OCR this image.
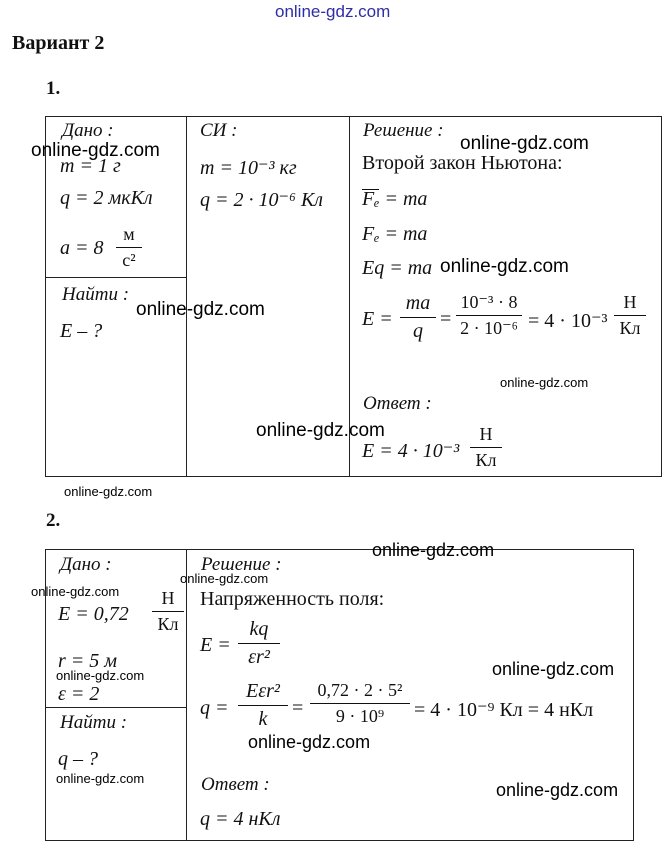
online-gdz.com
Вариант 2
1.
Дано :
m = 1 г
q = 2 мкКл
a = 8
м
с²
СИ :
m = 10⁻³ кг
q = 2 · 10⁻⁶ Кл
Найти :
E – ?
Решение :
Второй закон Ньютона:
Fₑ = ma
Fₑ = ma
Eq = ma
E =
ma
q
=
10⁻³ · 8
2 · 10⁻⁶ = 4 · 10⁻³
Н
Кл
Ответ :
E = 4 · 10⁻³
Н
Кл
2.
Дано :
E = 0,72
Н
Кл
r = 5 м
ε = 2
Найти :
q – ?
Решение :
Напряженность поля:
E =
kq
εr²
q =
Eεr²
k	=
0,72 · 2 · 5²
9 · 10⁹	= 4 · 10⁻⁹ Кл = 4 нКл
Ответ :
q = 4 нКл
online-gdz.com
online-gdz.com
online-gdz.com
online-gdz.com
online-gdz.com
online-gdz.com
online-gdz.com
online-gdz.com
online-gdz.com
online-gdz.com
online-gdz.com
online-gdz.com
online-gdz.com
online-gdz.com
online-gdz.com
